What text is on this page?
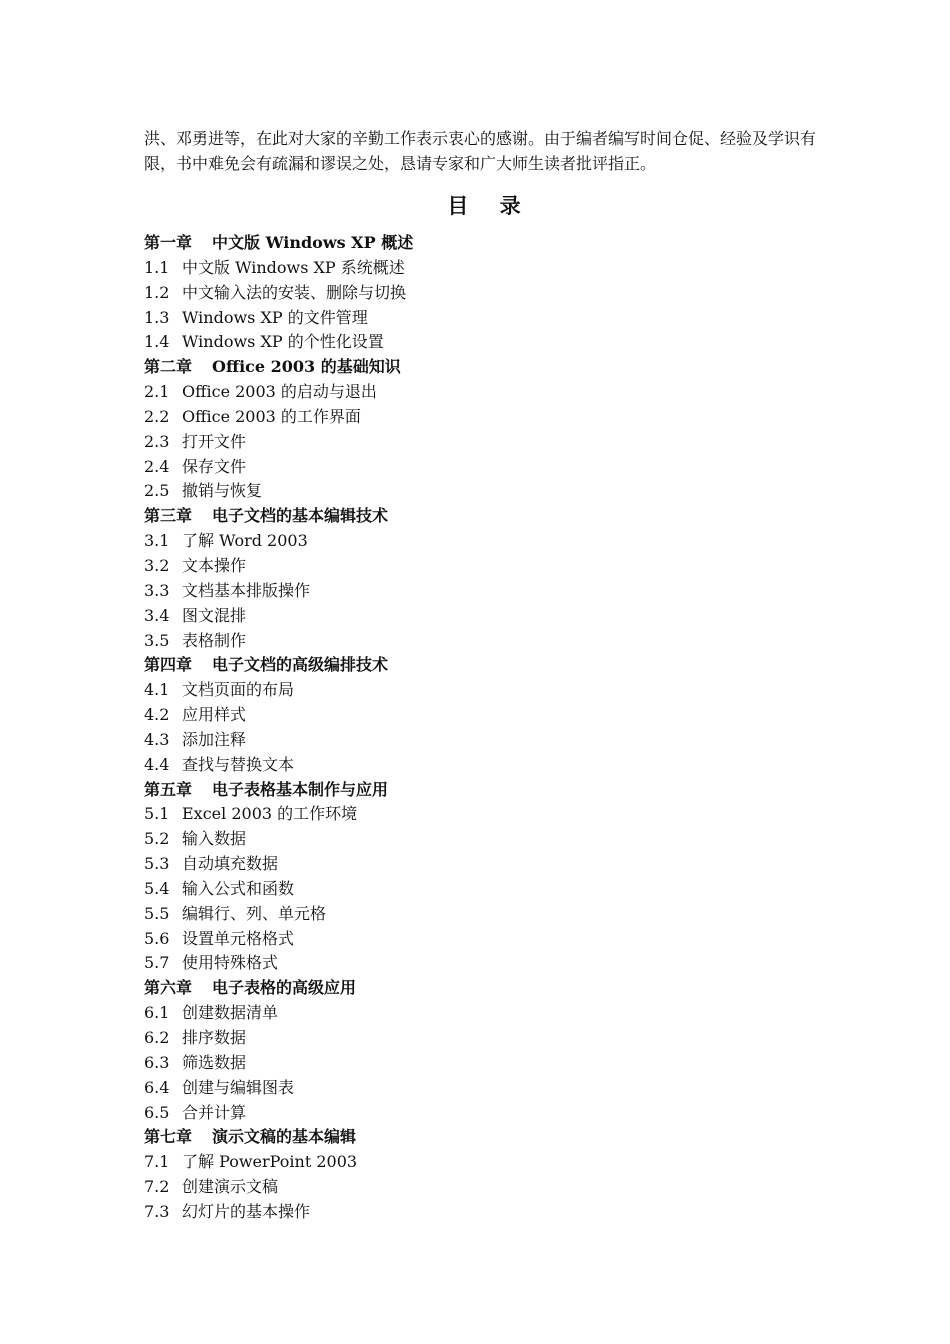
洪、邓勇进等，在此对大家的辛勤工作表示衷心的感谢。由于编者编写时间仓促、经验及学识有限，书中难免会有疏漏和谬误之处，恳请专家和广大师生读者批评指正。

目 录
第一章 中文版 Windows XP 概述
1.1 中文版 Windows XP 系统概述
1.2 中文输入法的安装、删除与切换
1.3 Windows XP 的文件管理
1.4 Windows XP 的个性化设置
第二章 Office 2003 的基础知识
2.1 Office 2003 的启动与退出
2.2 Office 2003 的工作界面
2.3 打开文件
2.4 保存文件
2.5 撤销与恢复
第三章 电子文档的基本编辑技术
3.1 了解 Word 2003
3.2 文本操作
3.3 文档基本排版操作
3.4 图文混排
3.5 表格制作
第四章 电子文档的高级编排技术
4.1 文档页面的布局
4.2 应用样式
4.3 添加注释
4.4 查找与替换文本
第五章 电子表格基本制作与应用
5.1 Excel 2003 的工作环境
5.2 输入数据
5.3 自动填充数据
5.4 输入公式和函数
5.5 编辑行、列、单元格
5.6 设置单元格格式
5.7 使用特殊格式
第六章 电子表格的高级应用
6.1 创建数据清单
6.2 排序数据
6.3 筛选数据
6.4 创建与编辑图表
6.5 合并计算
第七章 演示文稿的基本编辑
7.1 了解 PowerPoint 2003
7.2 创建演示文稿
7.3 幻灯片的基本操作
